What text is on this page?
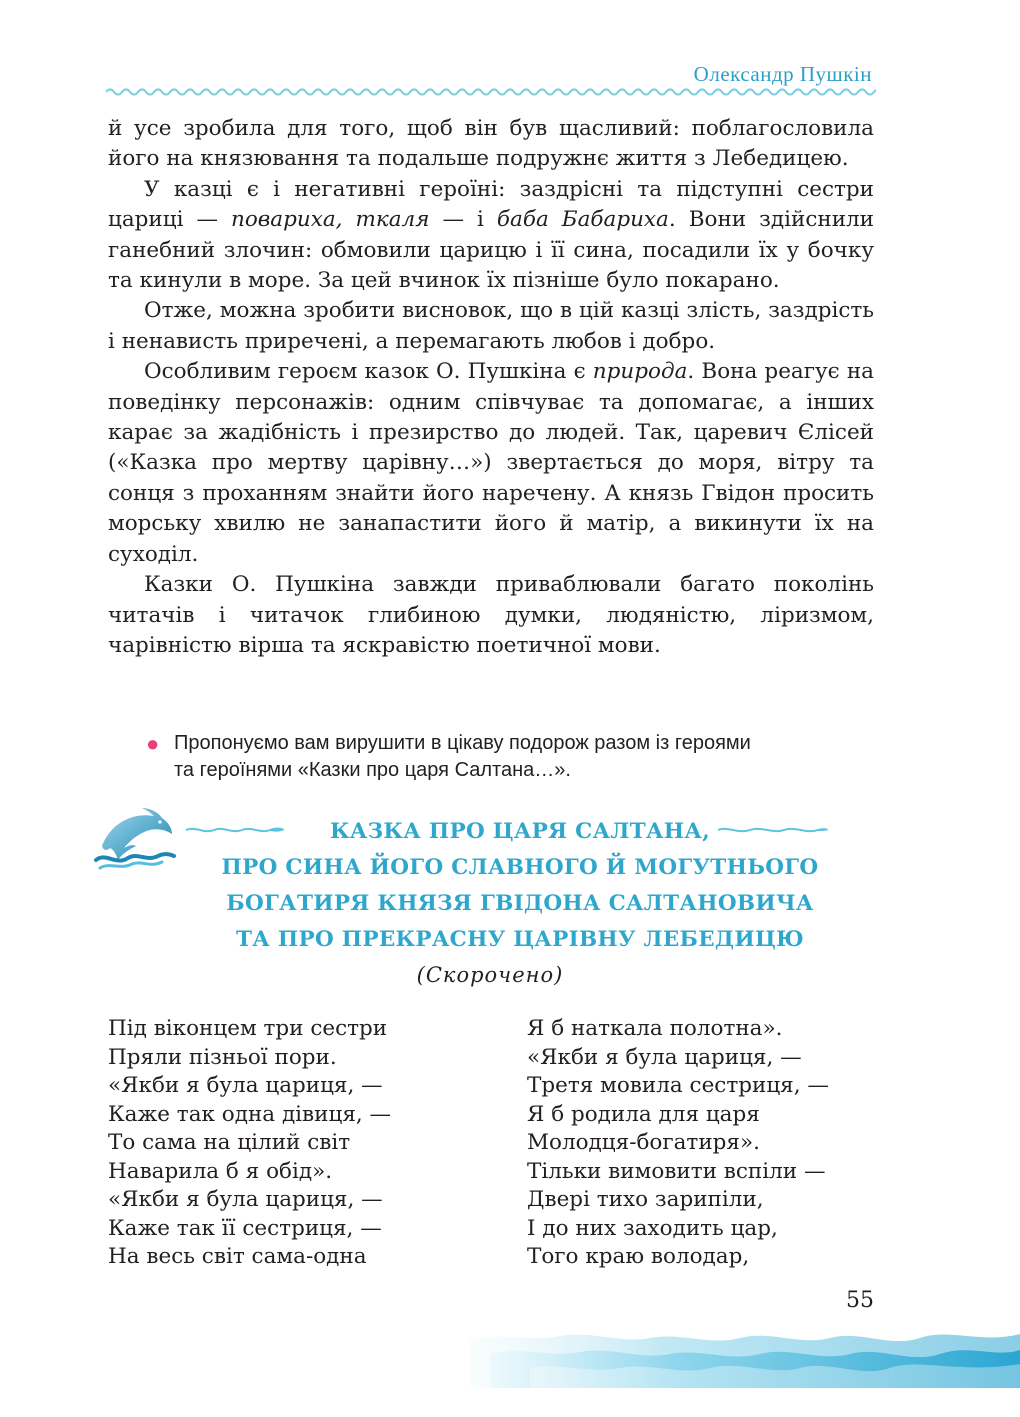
Олександр Пушкін

й усе зробила для того, щоб він був щасливий: поблагословила його на князювання та подальше подружнє життя з Лебедицею.

У казці є і негативні героїні: заздрісні та підступні сестри цариці — повариха, ткаля — і баба Бабариха. Вони здійснили ганебний злочин: обмовили царицю і її сина, посадили їх у бочку та кинули в море. За цей вчинок їх пізніше було покарано.

Отже, можна зробити висновок, що в цій казці злість, заздрість і ненависть приречені, а перемагають любов і добро.

Особливим героєм казок О. Пушкіна є природа. Вона реагує на поведінку персонажів: одним співчуває та допомагає, а інших карає за жадібність і презирство до людей. Так, царевич Єлісей («Казка про мертву царівну…») звертається до моря, вітру та сонця з проханням знайти його наречену. А князь Гвідон просить морську хвилю не занапастити його й матір, а викинути їх на суходіл.

Казки О. Пушкіна завжди приваблювали багато поколінь читачів і читачок глибиною думки, людяністю, ліризмом, чарівністю вірша та яскравістю поетичної мови.

● Пропонуємо вам вирушити в цікаву подорож разом із героями
та героїнями «Казки про царя Салтана…».
КАЗКА ПРО ЦАРЯ САЛТАНА,
ПРО СИНА ЙОГО СЛАВНОГО Й МОГУТНЬОГО
БОГАТИРЯ КНЯЗЯ ГВІДОНА САЛТАНОВИЧА
ТА ПРО ПРЕКРАСНУ ЦАРІВНУ ЛЕБЕДИЦЮ
(Скорочено)
Під віконцем три сестри
Пряли пізньої пори.
«Якби я була цариця, —
Каже так одна дівиця, —
То сама на цілий світ
Наварила б я обід».
«Якби я була цариця, —
Каже так її сестриця, —
На весь світ сама-одна
Я б наткала полотна».
«Якби я була цариця, —
Третя мовила сестриця, —
Я б родила для царя
Молодця-богатиря».
Тільки вимовити вспіли —
Двері тихо зарипіли,
І до них заходить цар,
Того краю володар,
55
